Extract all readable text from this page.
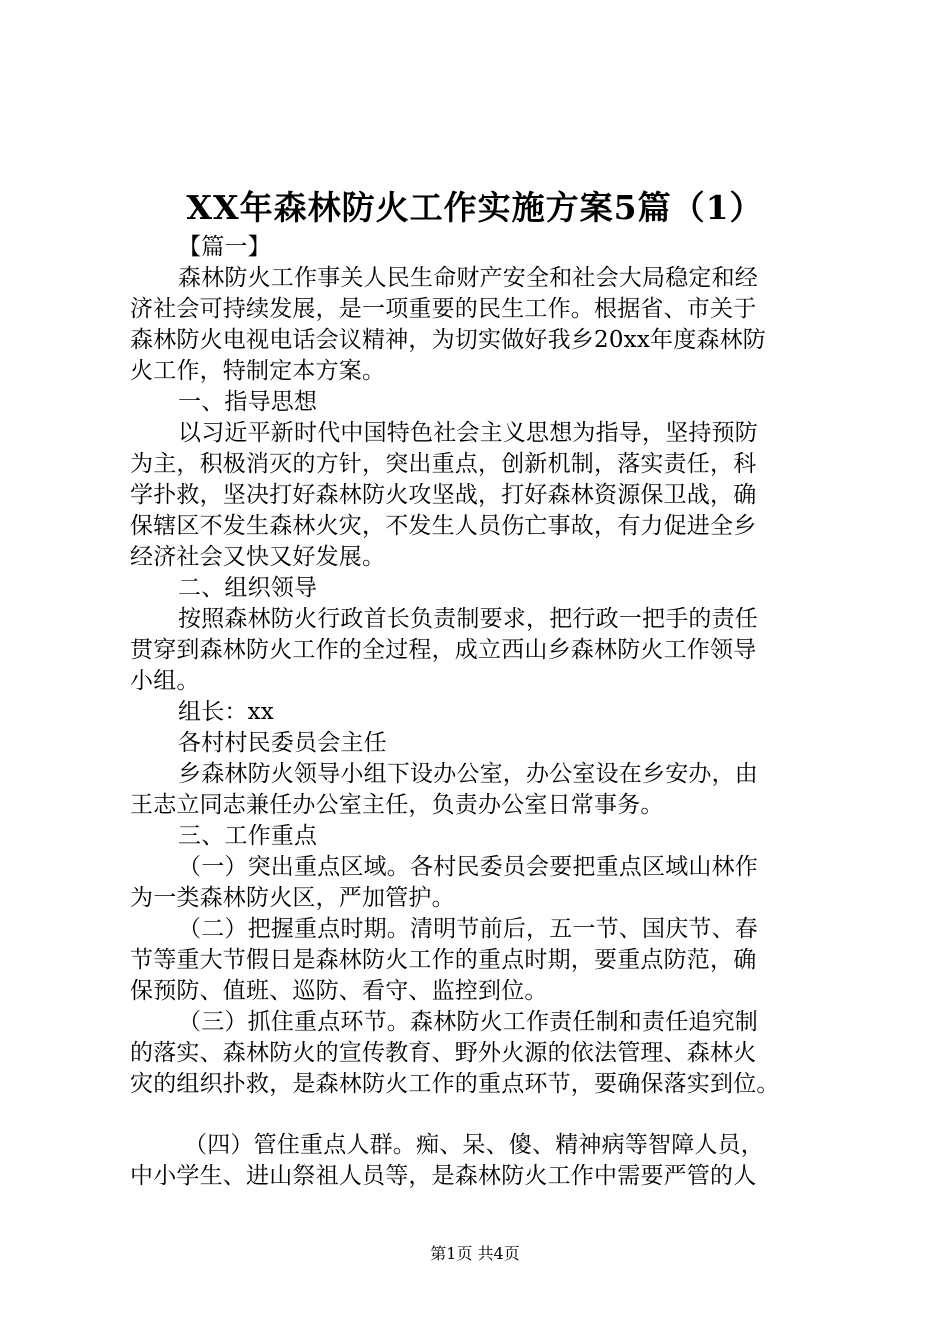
XX年森林防火工作实施方案5篇（1）
【篇一】
森林防火工作事关人民生命财产安全和社会大局稳定和经
济社会可持续发展，是一项重要的民生工作。根据省、市关于
森林防火电视电话会议精神，为切实做好我乡20xx年度森林防
火工作，特制定本方案。
一、指导思想
以习近平新时代中国特色社会主义思想为指导，坚持预防
为主，积极消灭的方针，突出重点，创新机制，落实责任，科
学扑救，坚决打好森林防火攻坚战，打好森林资源保卫战，确
保辖区不发生森林火灾，不发生人员伤亡事故，有力促进全乡
经济社会又快又好发展。
二、组织领导
按照森林防火行政首长负责制要求，把行政一把手的责任
贯穿到森林防火工作的全过程，成立西山乡森林防火工作领导
小组。
组长：xx
各村村民委员会主任
乡森林防火领导小组下设办公室，办公室设在乡安办，由
王志立同志兼任办公室主任，负责办公室日常事务。
三、工作重点
（一）突出重点区域。各村民委员会要把重点区域山林作
为一类森林防火区，严加管护。
（二）把握重点时期。清明节前后，五一节、国庆节、春
节等重大节假日是森林防火工作的重点时期，要重点防范，确
保预防、值班、巡防、看守、监控到位。
（三）抓住重点环节。森林防火工作责任制和责任追究制
的落实、森林防火的宣传教育、野外火源的依法管理、森林火
灾的组织扑救，是森林防火工作的重点环节，要确保落实到位。
（四）管住重点人群。痴、呆、傻、精神病等智障人员，
中小学生、进山祭祖人员等，是森林防火工作中需要严管的人
第1页 共4页
